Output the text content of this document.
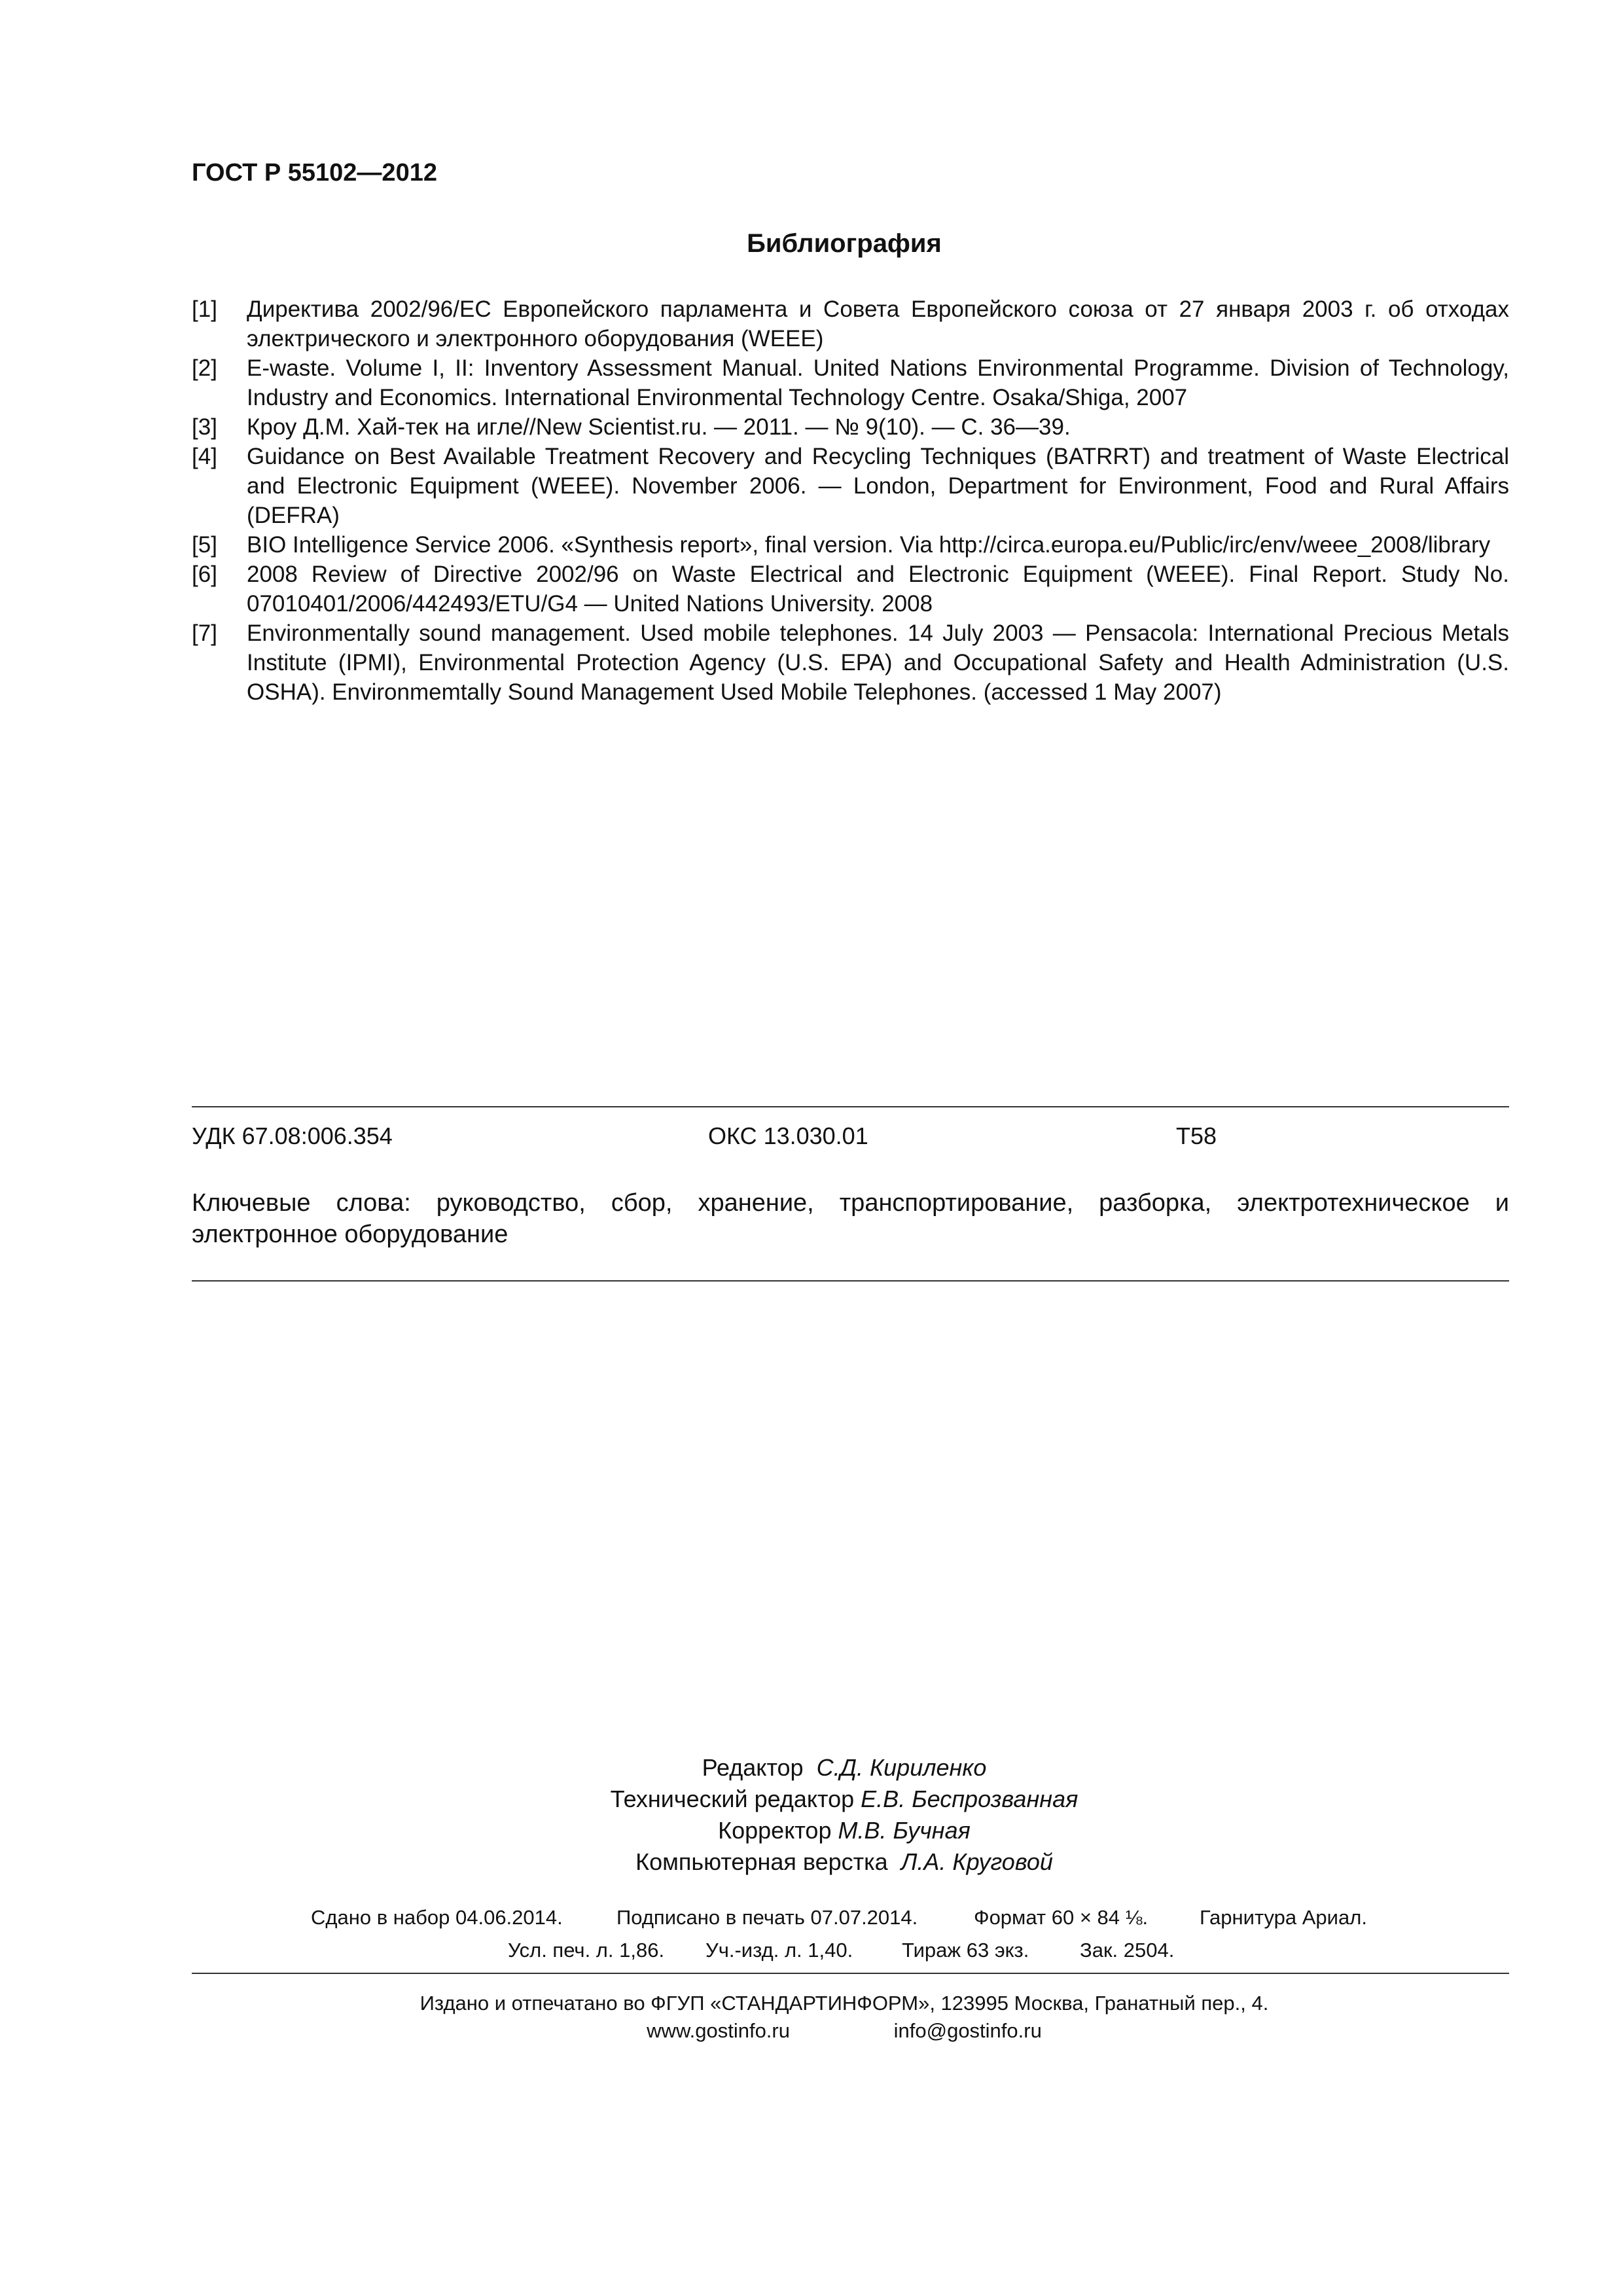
ГОСТ Р 55102—2012
Библиография

[1] Директива 2002/96/ЕС Европейского парламента и Совета Европейского союза от 27 января 2003 г. об отходах электрического и электронного оборудования (WEEE)

[2] E-waste. Volume I, II: Inventory Assessment Manual. United Nations Environmental Programme. Division of Technology, Industry and Economics. International Environmental Technology Centre. Osaka/Shiga, 2007

[3] Кроу Д.М. Хай-тек на игле//New Scientist.ru. — 2011. — № 9(10). — С. 36—39.

[4] Guidance on Best Available Treatment Recovery and Recycling Techniques (BATRRT) and treatment of Waste Electrical and Electronic Equipment (WEEE). November 2006. — London, Department for Environment, Food and Rural Affairs (DEFRA)

[5] BIO Intelligence Service 2006. «Synthesis report», final version. Via http://circa.europa.eu/Public/irc/env/weee_2008/library

[6] 2008 Review of Directive 2002/96 on Waste Electrical and Electronic Equipment (WEEE). Final Report. Study No. 07010401/2006/442493/ETU/G4 — United Nations University. 2008

[7] Environmentally sound management. Used mobile telephones. 14 July 2003 — Pensacola: International Precious Metals Institute (IPMI), Environmental Protection Agency (U.S. EPA) and Occupational Safety and Health Administration (U.S. OSHA). Environmemtally Sound Management Used Mobile Telephones. (accessed 1 May 2007)

УДК 67.08:006.354	ОКС 13.030.01	Т58
Ключевые слова: руководство, сбор, хранение, транспортирование, разборка, электротехническое и электронное оборудование
Редактор С.Д. Кириленко
Технический редактор Е.В. Беспрозванная
Корректор М.В. Бучная
Компьютерная верстка Л.А. Круговой
Сдано в набор 04.06.2014.	Подписано в печать 07.07.2014.	Формат 60 × 84 ⅛.	Гарнитура Ариал.
Усл. печ. л. 1,86. Уч.-изд. л. 1,40. Тираж 63 экз.	Зак. 2504.
Издано и отпечатано во ФГУП «СТАНДАРТИНФОРМ», 123995 Москва, Гранатный пер., 4.
www.gostinfo.ru	info@gostinfo.ru
